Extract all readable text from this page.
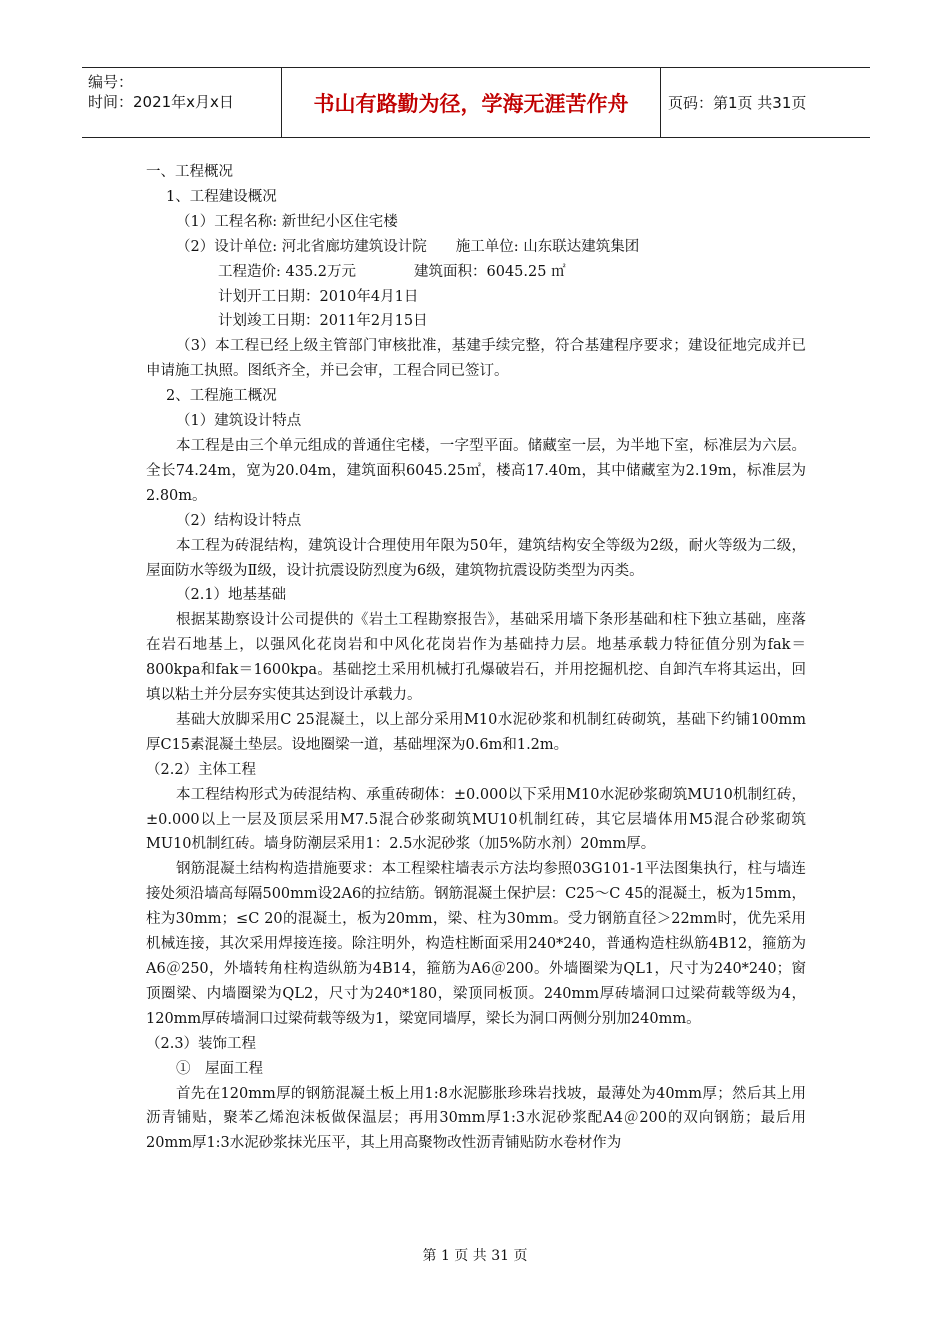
编号：
时间：2021年x月x日	书山有路勤为径，学海无涯苦作舟	页码：第1页 共31页
一、工程概况
1、工程建设概况
（1）工程名称: 新世纪小区住宅楼
（2）设计单位: 河北省廊坊建筑设计院　　施工单位: 山东联达建筑集团
工程造价: 435.2万元　　　　建筑面积：6045.25 ㎡
计划开工日期：2010年4月1日
计划竣工日期：2011年2月15日
（3）本工程已经上级主管部门审核批准，基建手续完整，符合基建程序要求；建设征地完成并已申请施工执照。图纸齐全，并已会审，工程合同已签订。
2、工程施工概况
（1）建筑设计特点
本工程是由三个单元组成的普通住宅楼，一字型平面。储藏室一层，为半地下室，标准层为六层。全长74.24m，宽为20.04m，建筑面积6045.25㎡，楼高17.40m，其中储藏室为2.19m，标准层为2.80m。
（2）结构设计特点
本工程为砖混结构，建筑设计合理使用年限为50年，建筑结构安全等级为2级，耐火等级为二级，屋面防水等级为Ⅱ级，设计抗震设防烈度为6级，建筑物抗震设防类型为丙类。
（2.1）地基基础
根据某勘察设计公司提供的《岩土工程勘察报告》，基础采用墙下条形基础和柱下独立基础，座落在岩石地基上，以强风化花岗岩和中风化花岗岩作为基础持力层。地基承载力特征值分别为fak＝800kpa和fak＝1600kpa。基础挖土采用机械打孔爆破岩石，并用挖掘机挖、自卸汽车将其运出，回填以粘土并分层夯实使其达到设计承载力。
基础大放脚采用C 25混凝土，以上部分采用M10水泥砂浆和机制红砖砌筑，基础下约铺100mm厚C15素混凝土垫层。设地圈梁一道，基础埋深为0.6m和1.2m。
（2.2）主体工程
本工程结构形式为砖混结构、承重砖砌体：±0.000以下采用M10水泥砂浆砌筑MU10机制红砖，±0.000以上一层及顶层采用M7.5混合砂浆砌筑MU10机制红砖，其它层墙体用M5混合砂浆砌筑MU10机制红砖。墙身防潮层采用1：2.5水泥砂浆（加5%防水剂）20mm厚。
钢筋混凝土结构构造措施要求：本工程梁柱墙表示方法均参照03G101-1平法图集执行，柱与墙连接处须沿墙高每隔500mm设2A6的拉结筋。钢筋混凝土保护层：C25～C 45的混凝土，板为15mm，柱为30mm；≤C 20的混凝土，板为20mm，梁、柱为30mm。受力钢筋直径＞22mm时，优先采用机械连接，其次采用焊接连接。除注明外，构造柱断面采用240*240，普通构造柱纵筋4B12，箍筋为A6＠250，外墙转角柱构造纵筋为4B14，箍筋为A6＠200。外墙圈梁为QL1，尺寸为240*240；窗顶圈梁、内墙圈梁为QL2，尺寸为240*180，梁顶同板顶。240mm厚砖墙洞口过梁荷载等级为4，120mm厚砖墙洞口过梁荷载等级为1，梁宽同墙厚，梁长为洞口两侧分别加240mm。
（2.3）装饰工程
①　屋面工程
首先在120mm厚的钢筋混凝土板上用1:8水泥膨胀珍珠岩找坡，最薄处为40mm厚；然后其上用沥青铺贴，聚苯乙烯泡沫板做保温层；再用30mm厚1:3水泥砂浆配A4＠200的双向钢筋；最后用20mm厚1:3水泥砂浆抹光压平，其上用高聚物改性沥青铺贴防水卷材作为
第 1 页 共 31 页
